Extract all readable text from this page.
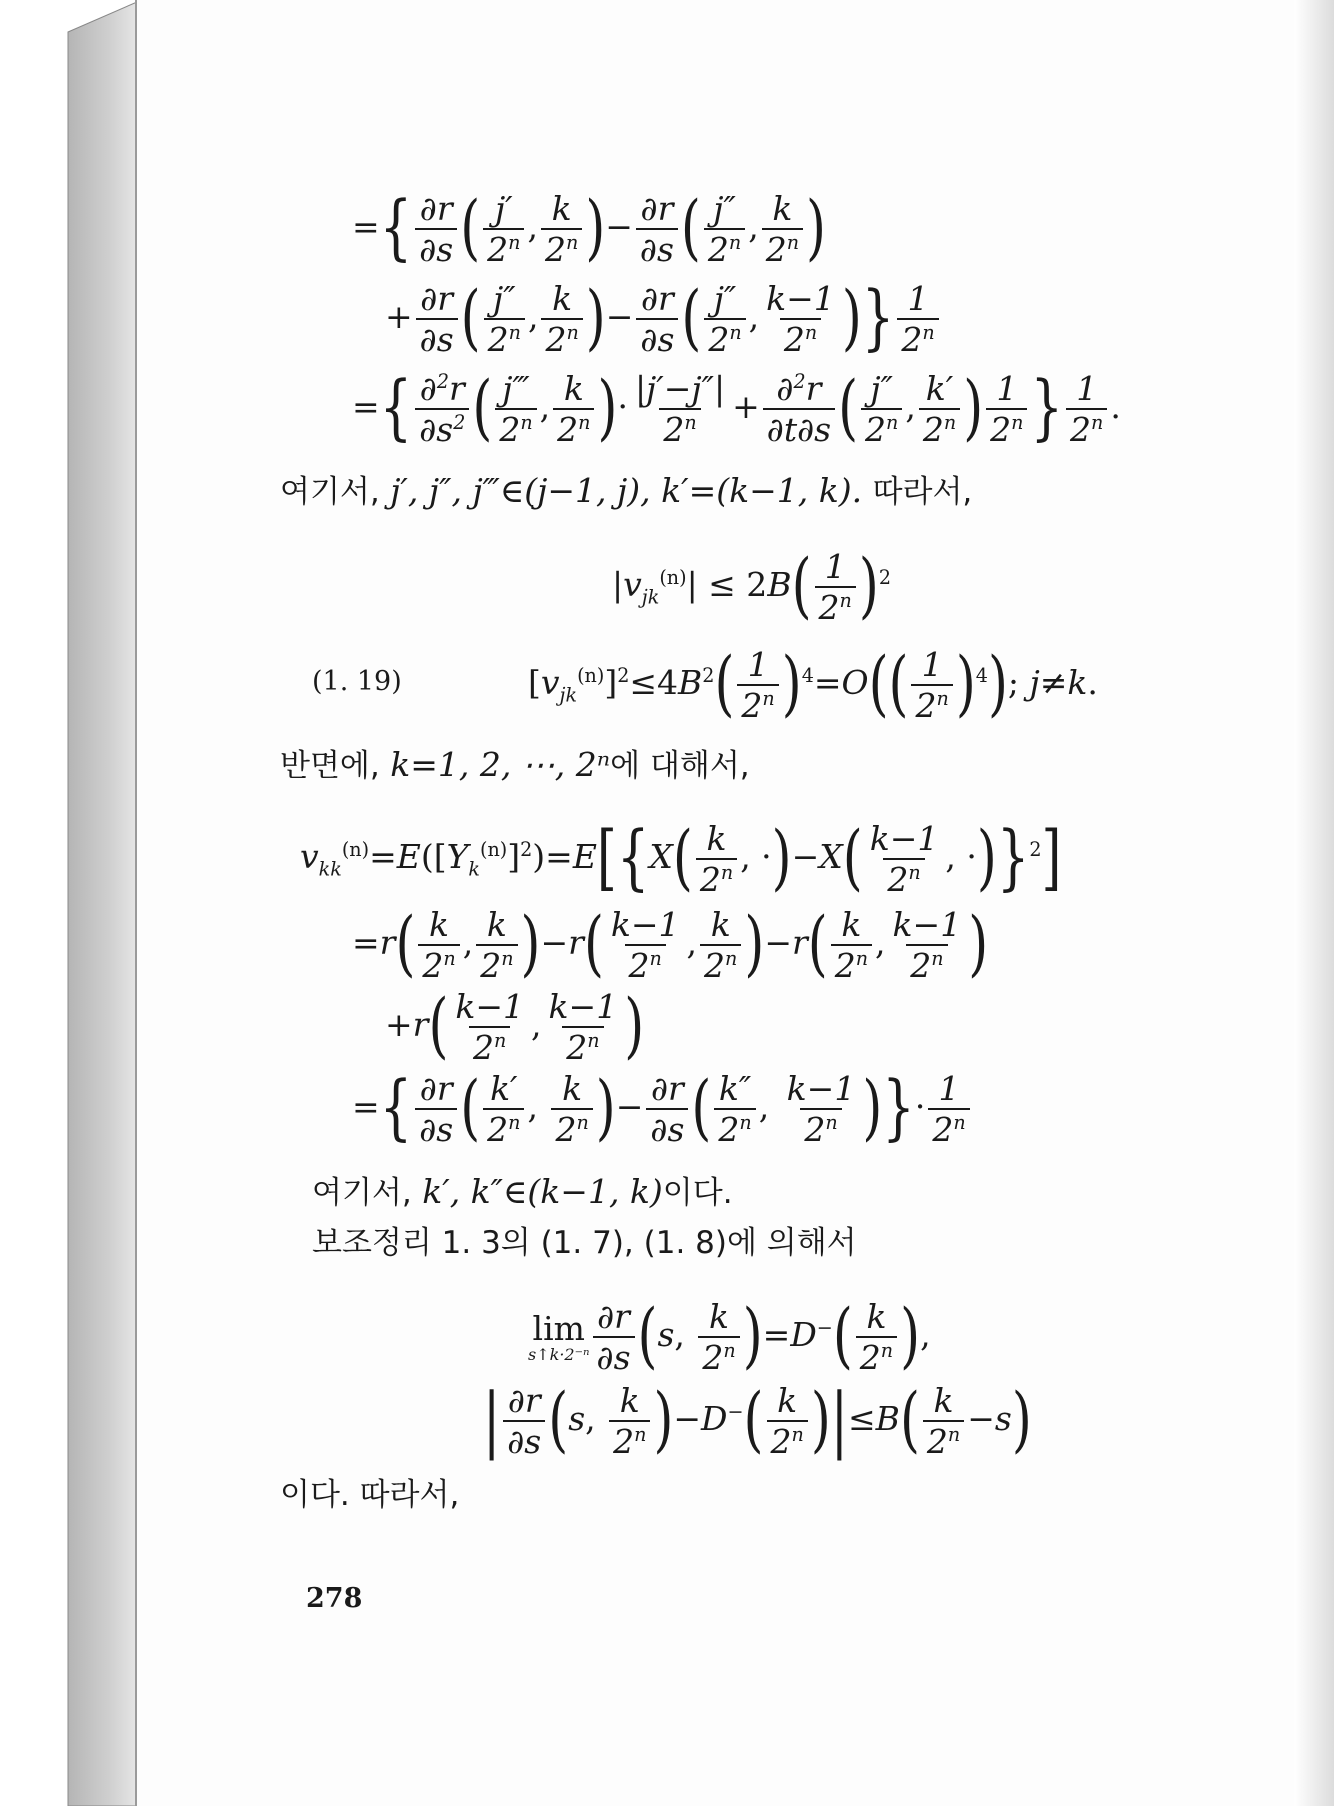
={ $\frac{\partial r}{\partial s}$ ( $\frac{j'}{2^n}$ , $\frac{k}{2^n}$ )− $\frac{\partial r}{\partial s}$ ( $\frac{j''}{2^n}$ , $\frac{k}{2^n}$ )
+ $\frac{\partial r}{\partial s}$ ( $\frac{j''}{2^n}$ , $\frac{k}{2^n}$ )− $\frac{\partial r}{\partial s}$ ( $\frac{j''}{2^n}$ , $\frac{k-1}{2^n}$ )} $\frac{1}{2^n}$
={ $\frac{\partial^2r}{\partial s^2}$ ( $\frac{j‴}{2^n}$ , $\frac{k}{2^n}$ )· $\frac{|j'-j''|}{2^n} + \frac{\partial^2r}{\partial t\partial s}$ ( $\frac{j''}{2^n}$ , $\frac{k'}{2^n}$ ) $\frac{1}{2^n}$ } $\frac{1}{2^n}$ .
여기서, j′, j″, j‴∈(j−1, j), k′=(k−1, k). 따라서,
$|v_{jk}^{(n)}| \le 2B( \frac{1}{2^n} )^2$
(1. 19)	$[v_{jk}^{(n)}]^2\le 4B^2( \frac{1}{2^n} )^4=O(( \frac{1}{2^n} )^4)$; j≠k.
반면에, k=1, 2, ⋯, 2ⁿ에 대해서,
$v_{kk}^{(n)}=E([Y_k^{(n)}]^2)=E[\{X( \frac{k}{2^n}$ , $\cdot)-X( \frac{k-1}{2^n}$ , ·)}$^2$]
$=r( \frac{k}{2^n}$ , $\frac{k}{2^n} )-r( \frac{k-1}{2^n}$ , $\frac{k}{2^n} )-r( \frac{k}{2^n}$ , $\frac{k-1}{2^n}$ )
$+r( \frac{k-1}{2^n}$ , $\frac{k-1}{2^n}$ )
={ $\frac{\partial r}{\partial s}$ ( $\frac{k'}{2^n}$ , $\frac{k}{2^n}$ )− $\frac{\partial r}{\partial s}$ ( $\frac{k''}{2^n}$ , $\frac{k-1}{2^n}$ )}· $\frac{1}{2^n}$
여기서, k′, k″∈(k−1, k)이다.
보조정리 1. 3의 (1. 7), (1. 8)에 의해서
lim
s↑k·2⁻ⁿ $\frac{\partial r}{\partial s} (s$, $\frac{k}{2^n} )=D^-( \frac{k}{2^n}$ ),
| $\frac{\partial r}{\partial s} (s$, $\frac{k}{2^n} )-D^-( \frac{k}{2^n} )|\le B( \frac{k}{2^n} -s)$
이다. 따라서,
278
